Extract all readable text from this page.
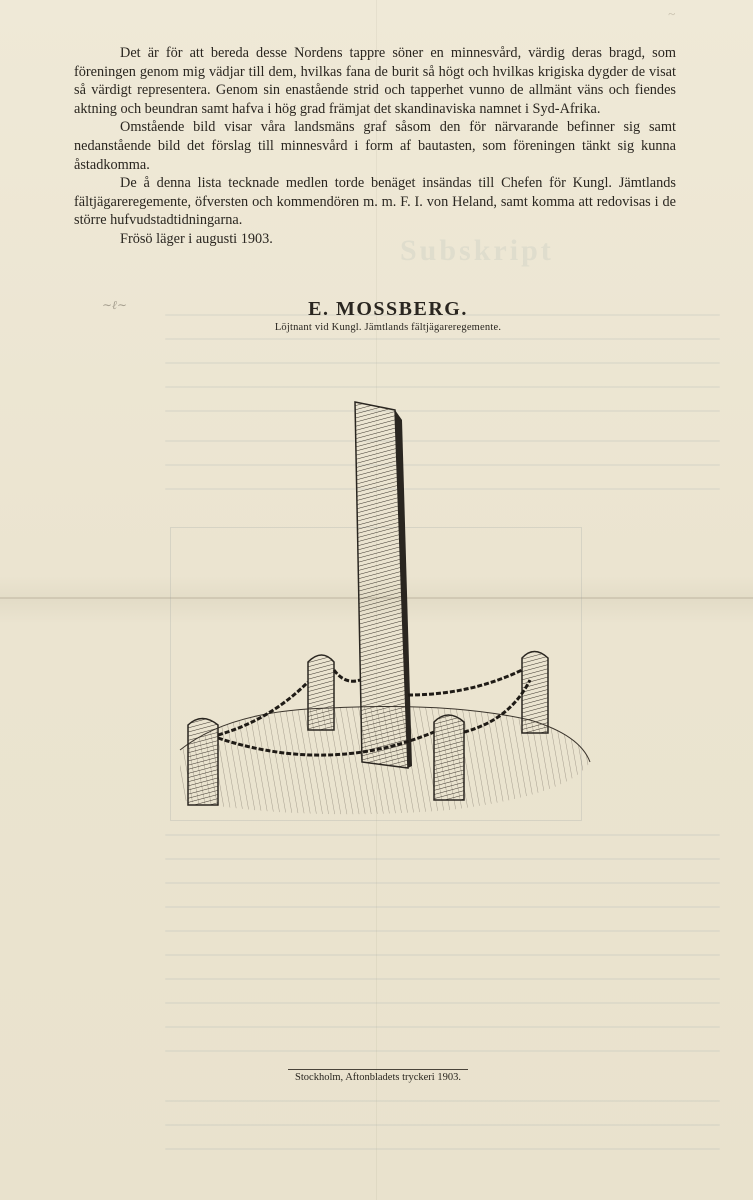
Subskript
~

Det är för att bereda desse Nordens tappre söner en minnesvård, värdig deras bragd, som föreningen genom mig vädjar till dem, hvilkas fana de burit så högt och hvilkas krigiska dygder de visat så värdigt representera. Genom sin enastående strid och tapperhet vunno de allmänt väns och fiendes aktning och beundran samt hafva i hög grad främjat det skandinaviska namnet i Syd-Afrika.

Omstående bild visar våra landsmäns graf såsom den för närvarande befinner sig samt nedanstående bild det förslag till minnesvård i form af bautasten, som föreningen tänkt sig kunna åstadkomma.

De å denna lista tecknade medlen torde benäget insändas till Chefen för Kungl. Jämtlands fältjägareregemente, öfversten och kommendören m. m. F. I. von Heland, samt komma att redovisas i de större hufvudstadtidningarna.

Frösö läger i augusti 1903.

∼ℓ∼	E. MOSSBERG.
Löjtnant vid Kungl. Jämtlands fältjägareregemente.
Stockholm, Aftonbladets tryckeri 1903.
